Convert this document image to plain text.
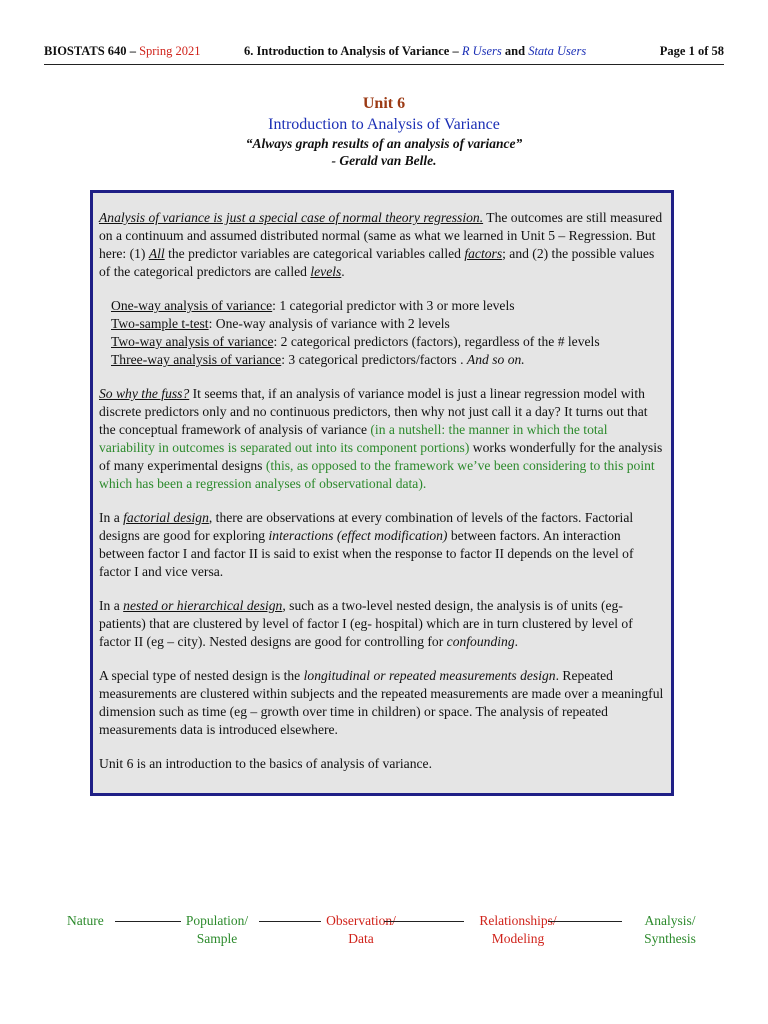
BIOSTATS 640 – Spring 2021	6. Introduction to Analysis of Variance – R Users and Stata Users	Page 1 of 58
Unit 6
Introduction to Analysis of Variance
“Always graph results of an analysis of variance”
- Gerald van Belle.

Analysis of variance is just a special case of normal theory regression. The outcomes are still measured on a continuum and assumed distributed normal (same as what we learned in Unit 5 – Regression. But here: (1) All the predictor variables are categorical variables called factors; and (2) the possible values of the categorical predictors are called levels.

One-way analysis of variance: 1 categorial predictor with 3 or more levels
Two-sample t-test: One-way analysis of variance with 2 levels
Two-way analysis of variance: 2 categorical predictors (factors), regardless of the # levels
Three-way analysis of variance: 3 categorical predictors/factors . And so on.

So why the fuss? It seems that, if an analysis of variance model is just a linear regression model with discrete predictors only and no continuous predictors, then why not just call it a day? It turns out that the conceptual framework of analysis of variance (in a nutshell: the manner in which the total variability in outcomes is separated out into its component portions) works wonderfully for the analysis of many experimental designs (this, as opposed to the framework we’ve been considering to this point which has been a regression analyses of observational data).

In a factorial design, there are observations at every combination of levels of the factors. Factorial designs are good for exploring interactions (effect modification) between factors. An interaction between factor I and factor II is said to exist when the response to factor II depends on the level of factor I and vice versa.

In a nested or hierarchical design, such as a two-level nested design, the analysis is of units (eg-patients) that are clustered by level of factor I (eg- hospital) which are in turn clustered by level of factor II (eg – city). Nested designs are good for controlling for confounding.

A special type of nested design is the longitudinal or repeated measurements design. Repeated measurements are clustered within subjects and the repeated measurements are made over a meaningful dimension such as time (eg – growth over time in children) or space. The analysis of repeated measurements data is introduced elsewhere.

Unit 6 is an introduction to the basics of analysis of variance.

Nature	Population/
Sample
Observation/
Data
Relationships/
Modeling
Analysis/
Synthesis
